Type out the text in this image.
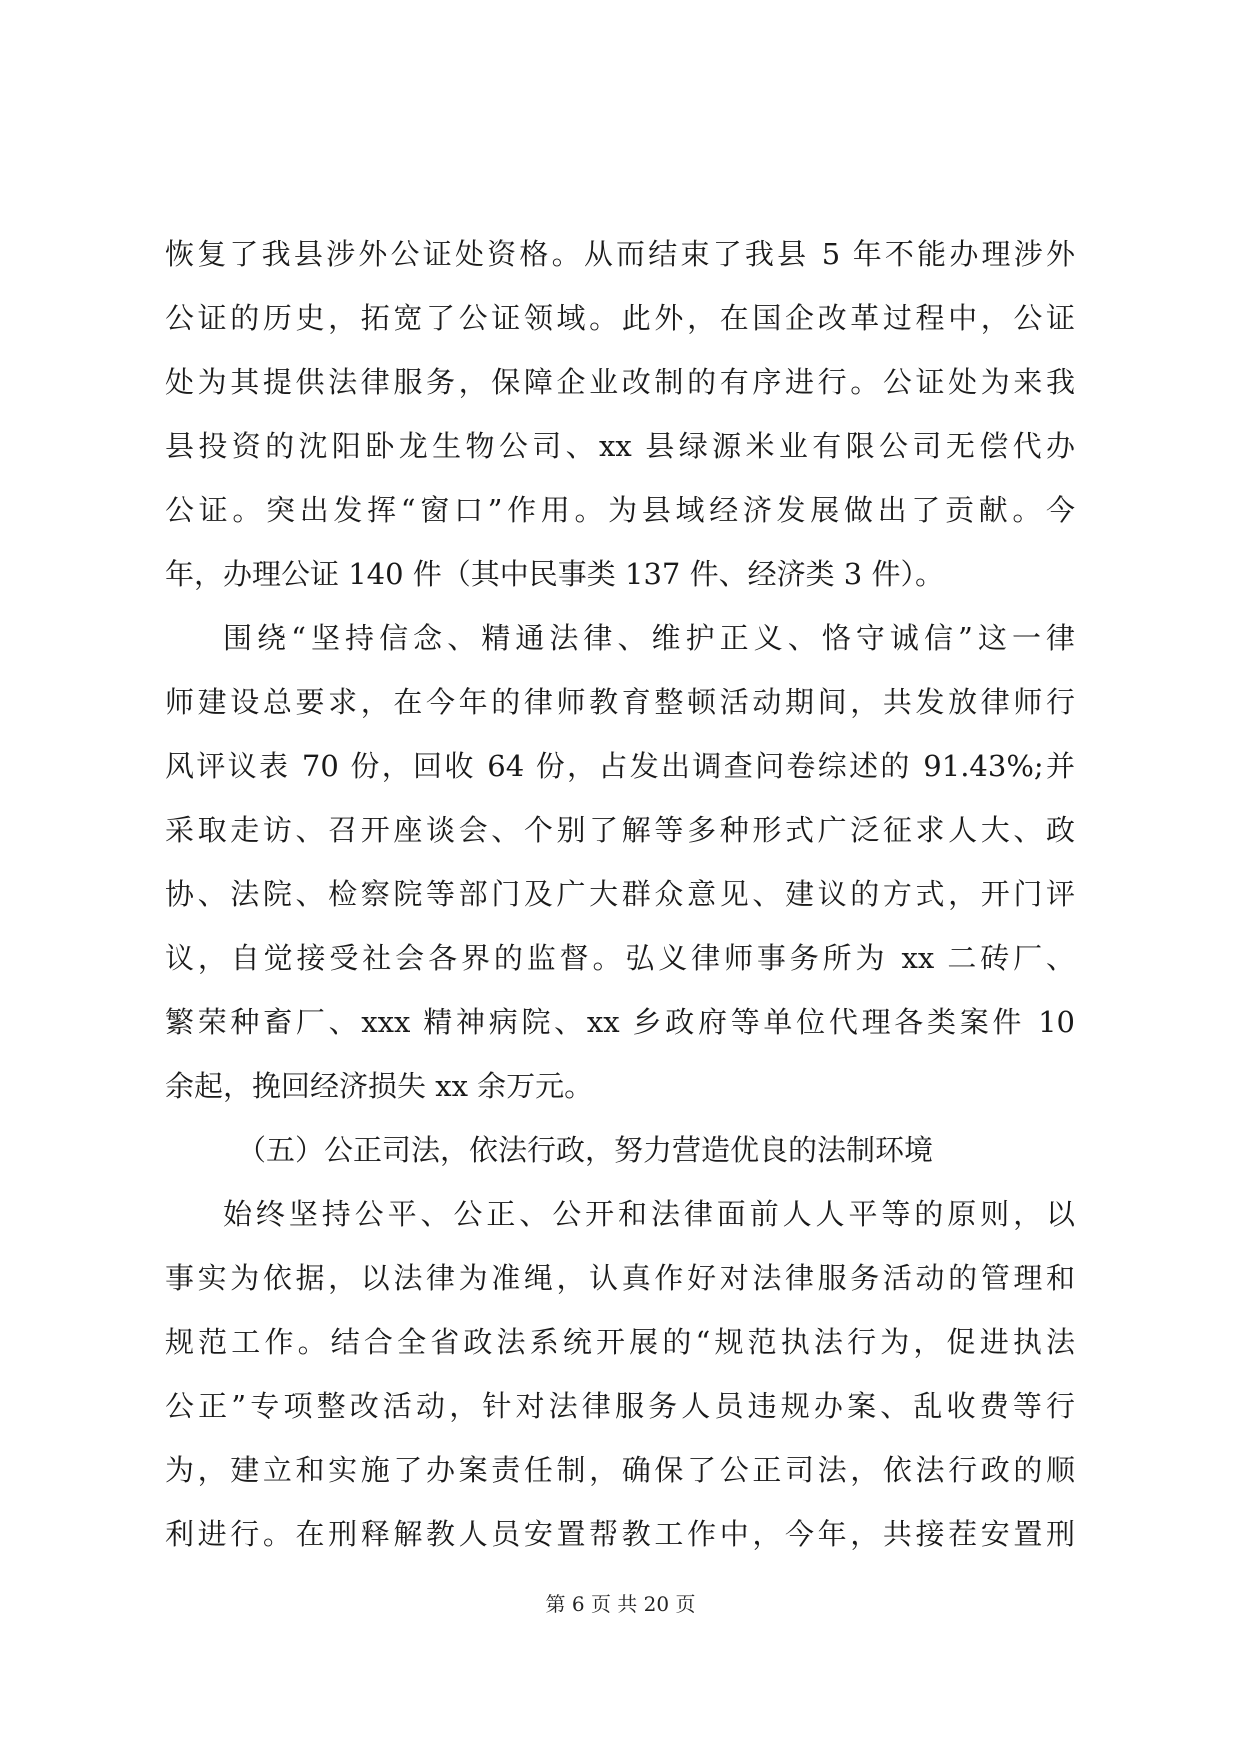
恢复了我县涉外公证处资格。从而结束了我县 5 年不能办理涉外
公证的历史，拓宽了公证领域。此外，在国企改革过程中，公证
处为其提供法律服务，保障企业改制的有序进行。公证处为来我
县投资的沈阳卧龙生物公司、xx 县绿源米业有限公司无偿代办
公证。突出发挥“窗口”作用。为县域经济发展做出了贡献。今
年，办理公证 140 件（其中民事类 137 件、经济类 3 件）。
围绕“坚持信念、精通法律、维护正义、恪守诚信”这一律
师建设总要求，在今年的律师教育整顿活动期间，共发放律师行
风评议表 70 份，回收 64 份，占发出调查问卷综述的 91.43%;并
采取走访、召开座谈会、个别了解等多种形式广泛征求人大、政
协、法院、检察院等部门及广大群众意见、建议的方式，开门评
议，自觉接受社会各界的监督。弘义律师事务所为 xx 二砖厂、
繁荣种畜厂、xxx 精神病院、xx 乡政府等单位代理各类案件 10
余起，挽回经济损失 xx 余万元。
（五）公正司法，依法行政，努力营造优良的法制环境
始终坚持公平、公正、公开和法律面前人人平等的原则，以
事实为依据，以法律为准绳，认真作好对法律服务活动的管理和
规范工作。结合全省政法系统开展的“规范执法行为，促进执法
公正”专项整改活动，针对法律服务人员违规办案、乱收费等行
为，建立和实施了办案责任制，确保了公正司法，依法行政的顺
利进行。在刑释解教人员安置帮教工作中，今年，共接茬安置刑
第 6 页 共 20 页
